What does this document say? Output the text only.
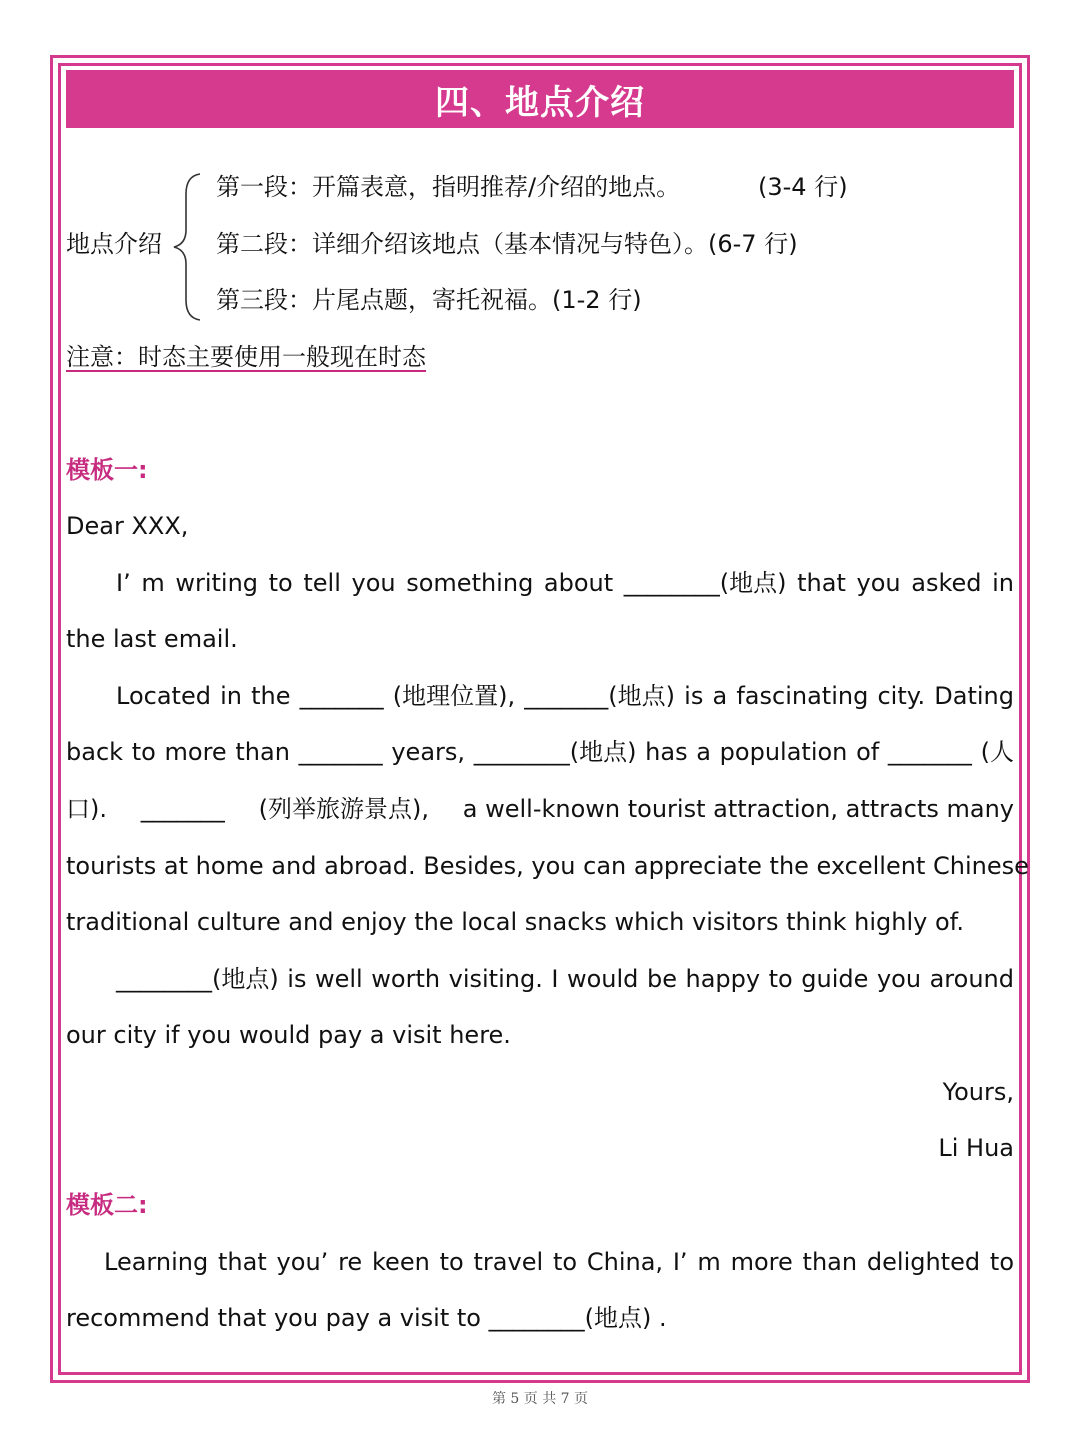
四、地点介绍
地点介绍
第一段：开篇表意，指明推荐/介绍的地点。	(3-4 行)
第二段：详细介绍该地点（基本情况与特色）。(6-7 行)
第三段：片尾点题，寄托祝福。(1-2 行)
注意：时态主要使用一般现在时态
模板一:
Dear XXX,
I’ m writing to tell you something about ________(地点) that you asked in
the last email.
Located in the _______ (地理位置), _______(地点) is a fascinating city. Dating
back to more than _______ years, ________(地点) has a population of _______ (人
口). _______ (列举旅游景点), a well-known tourist attraction, attracts many
tourists at home and abroad. Besides, you can appreciate the excellent Chinese
traditional culture and enjoy the local snacks which visitors think highly of.
________(地点) is well worth visiting. I would be happy to guide you around
our city if you would pay a visit here.
Yours,
Li Hua
模板二:
Learning that you’ re keen to travel to China, I’ m more than delighted to
recommend that you pay a visit to ________(地点) .
第 5 页 共 7 页
